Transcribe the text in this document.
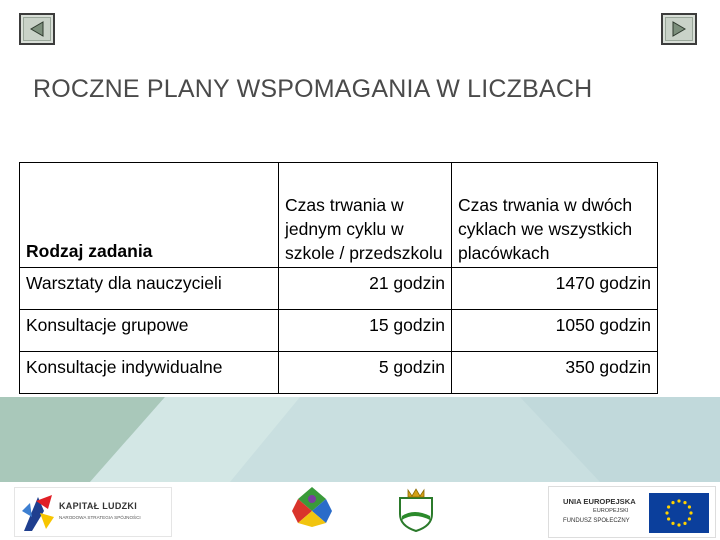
ROCZNE PLANY WSPOMAGANIA W LICZBACH
Rodzaj zadania	Czas trwania w jednym cyklu w szkole / przedszkolu	Czas trwania w dwóch cyklach we wszystkich placówkach
Warsztaty dla nauczycieli	21 godzin	1470 godzin
Konsultacje grupowe	15 godzin	1050 godzin
Konsultacje indywidualne	5 godzin	350 godzin
KAPITAŁ LUDZKI
NARODOWA STRATEGIA SPÓJNOŚCI
UNIA EUROPEJSKA
EUROPEJSKI
FUNDUSZ SPOŁECZNY
